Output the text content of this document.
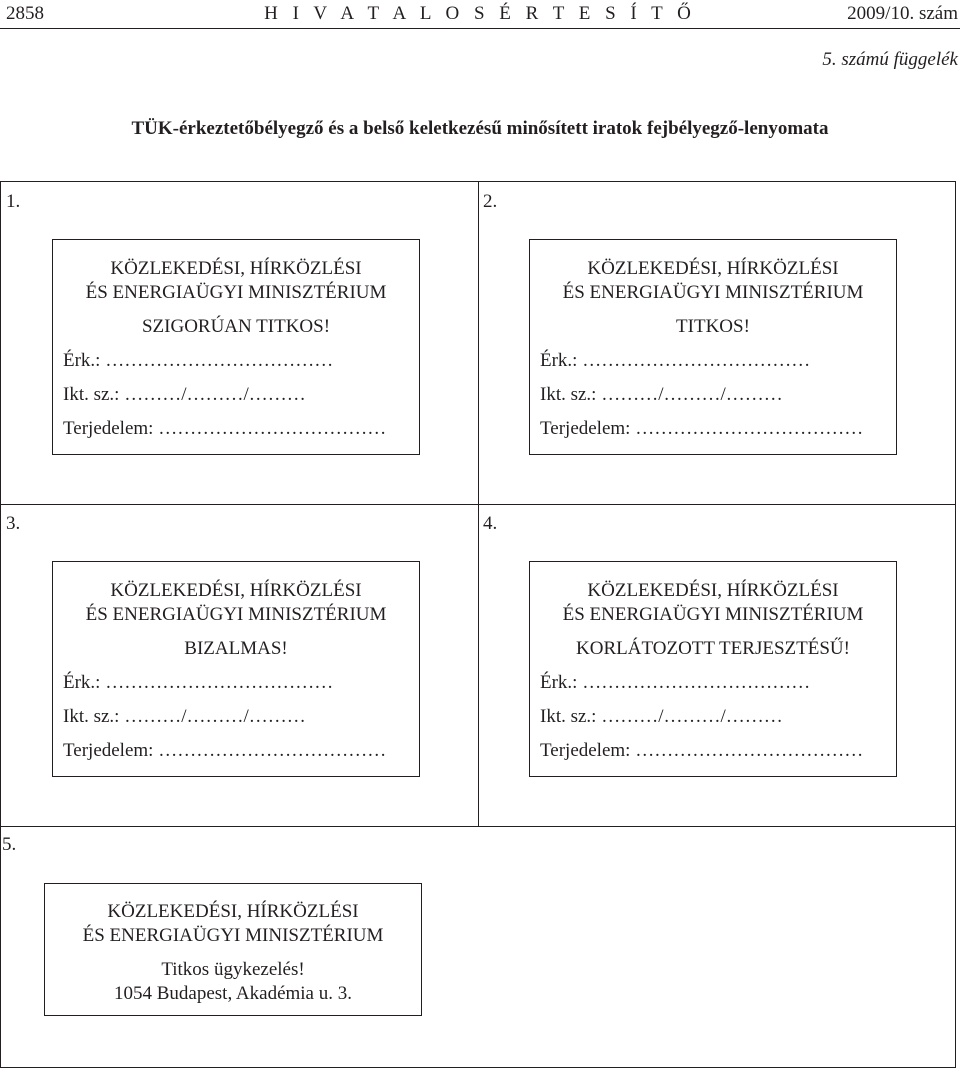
2858	H I V A T A L O S É R T E S Í T Ő	2009/10. szám
5. számú függelék
TÜK-érkeztetőbélyegző és a belső keletkezésű minősített iratok fejbélyegző-lenyomata
1.
KÖZLEKEDÉSI, HÍRKÖZLÉSI
ÉS ENERGIAÜGYI MINISZTÉRIUM
SZIGORÚAN TITKOS!
Érk.: ………………………………
Ikt. sz.: ………/………/………
Terjedelem: ………………………………
2.
KÖZLEKEDÉSI, HÍRKÖZLÉSI
ÉS ENERGIAÜGYI MINISZTÉRIUM
TITKOS!
Érk.: ………………………………
Ikt. sz.: ………/………/………
Terjedelem: ………………………………
3.
KÖZLEKEDÉSI, HÍRKÖZLÉSI
ÉS ENERGIAÜGYI MINISZTÉRIUM
BIZALMAS!
Érk.: ………………………………
Ikt. sz.: ………/………/………
Terjedelem: ………………………………
4.
KÖZLEKEDÉSI, HÍRKÖZLÉSI
ÉS ENERGIAÜGYI MINISZTÉRIUM
KORLÁTOZOTT TERJESZTÉSŰ!
Érk.: ………………………………
Ikt. sz.: ………/………/………
Terjedelem: ………………………………
5.
KÖZLEKEDÉSI, HÍRKÖZLÉSI
ÉS ENERGIAÜGYI MINISZTÉRIUM
Titkos ügykezelés!
1054 Budapest, Akadémia u. 3.
